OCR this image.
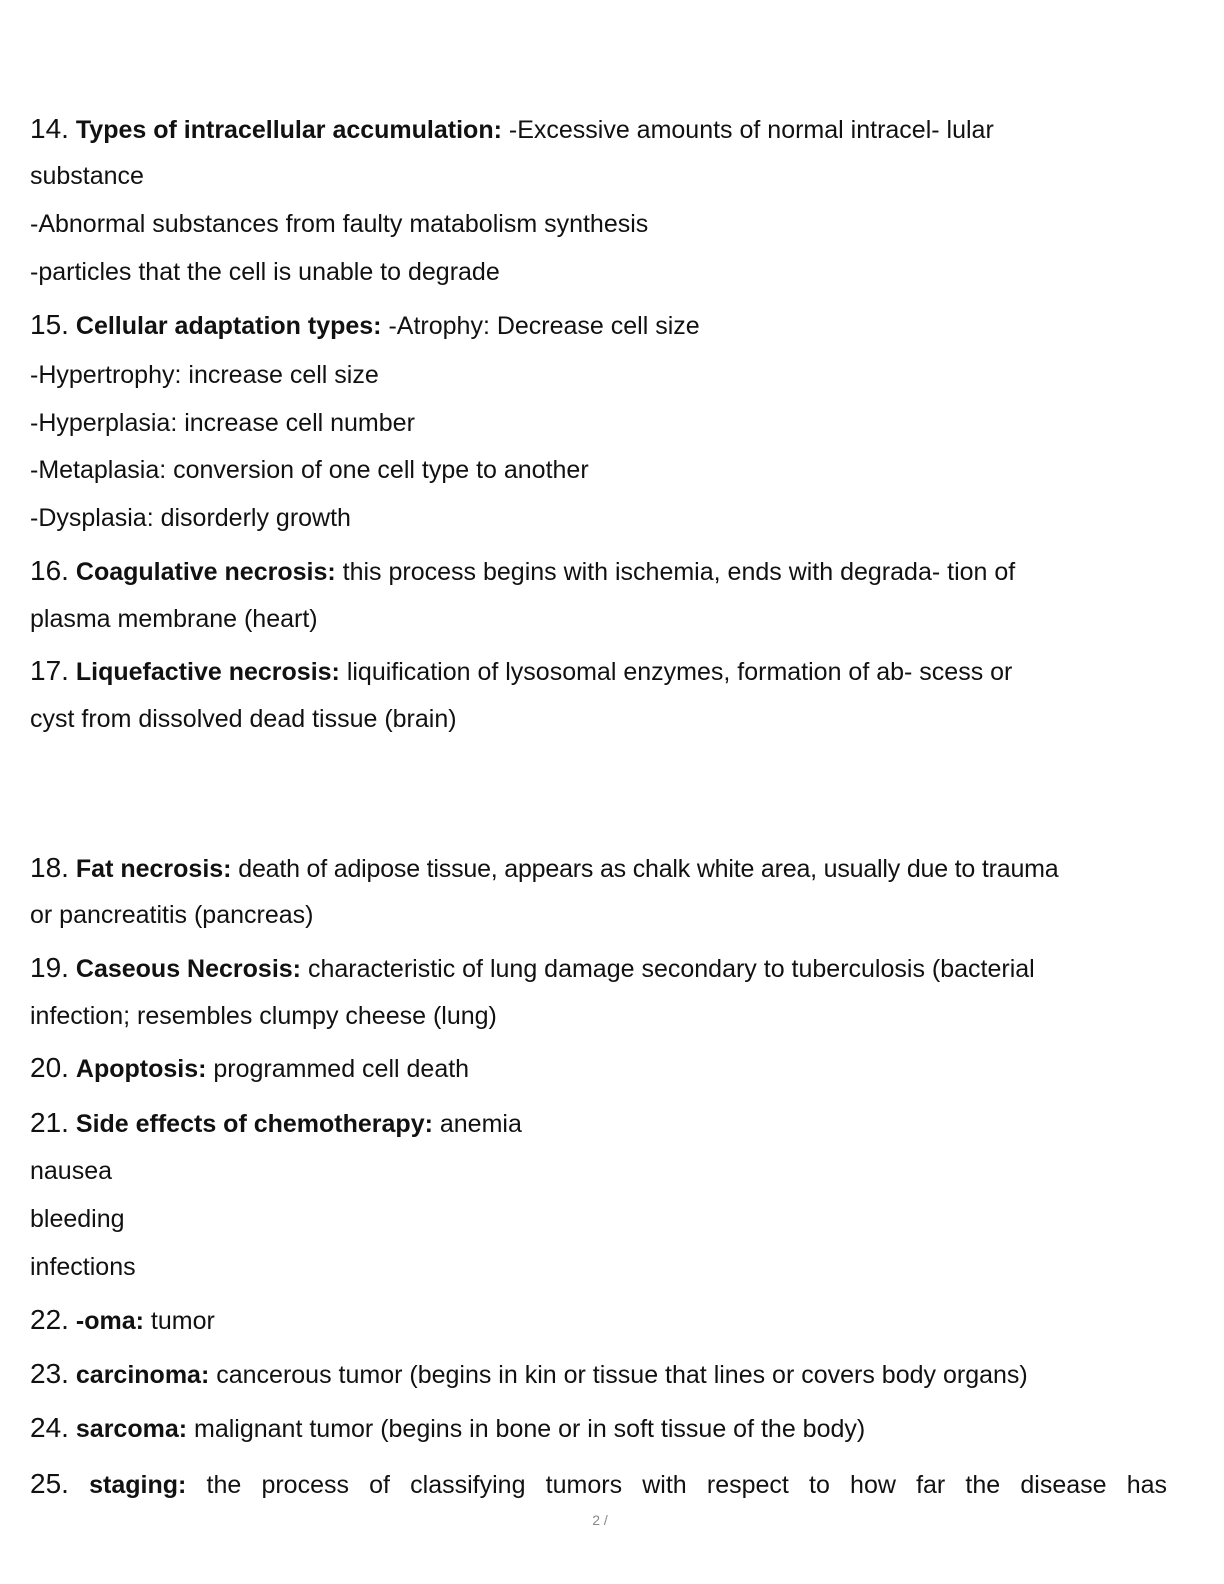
14. Types of intracellular accumulation: -Excessive amounts of normal intracel- lular
substance
-Abnormal substances from faulty matabolism synthesis
-particles that the cell is unable to degrade
15. Cellular adaptation types: -Atrophy: Decrease cell size
-Hypertrophy: increase cell size
-Hyperplasia: increase cell number
-Metaplasia: conversion of one cell type to another
-Dysplasia: disorderly growth
16. Coagulative necrosis: this process begins with ischemia, ends with degrada- tion of
plasma membrane (heart)
17. Liquefactive necrosis: liquification of lysosomal enzymes, formation of ab- scess or
cyst from dissolved dead tissue (brain)
18. Fat necrosis: death of adipose tissue, appears as chalk white area, usually due to trauma
or pancreatitis (pancreas)
19. Caseous Necrosis: characteristic of lung damage secondary to tuberculosis (bacterial
infection; resembles clumpy cheese (lung)
20. Apoptosis: programmed cell death
21. Side effects of chemotherapy: anemia
nausea
bleeding
infections
22. -oma: tumor
23. carcinoma: cancerous tumor (begins in kin or tissue that lines or covers body organs)
24. sarcoma: malignant tumor (begins in bone or in soft tissue of the body)
25. staging: the process of classifying tumors with respect to how far the disease has
2 /
